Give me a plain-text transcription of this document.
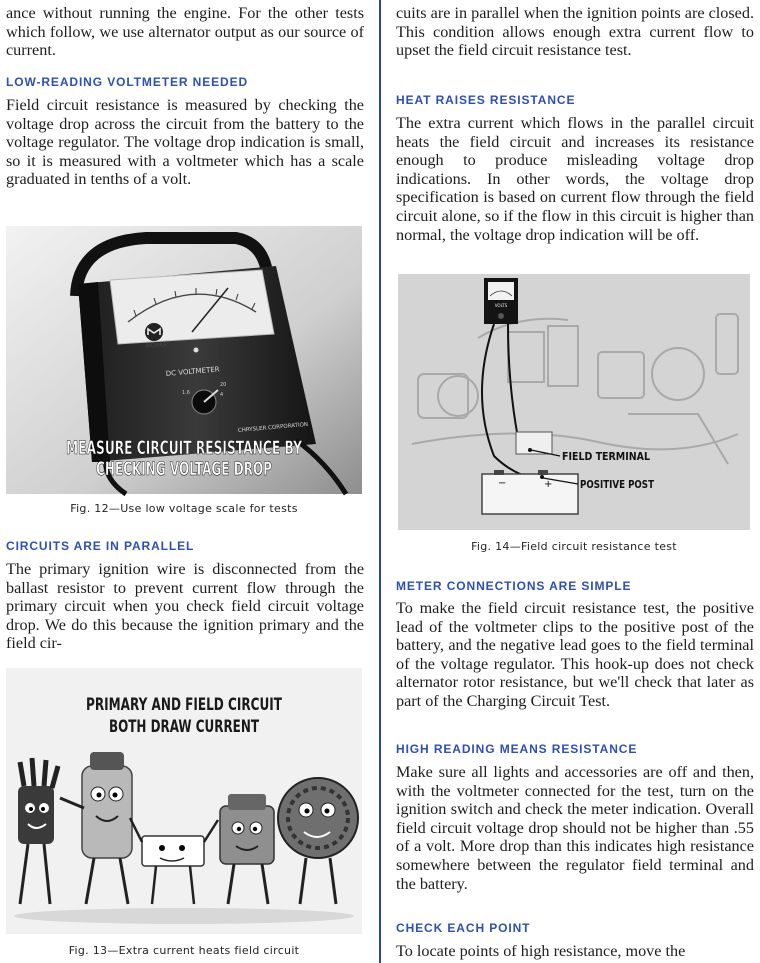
ance without running the engine. For the other tests which follow, we use alternator output as our source of current.

LOW-READING VOLTMETER NEEDED

Field circuit resistance is measured by checking the voltage drop across the circuit from the battery to the voltage regulator. The voltage drop indication is small, so it is measured with a voltmeter which has a scale graduated in tenths of a volt.

MOPAR
DC VOLTMETER
1.6
20
4
CHRYSLER CORPORATION
MEASURE CIRCUIT RESISTANCE BY
CHECKING VOLTAGE DROP
Fig. 12—Use low voltage scale for tests
CIRCUITS ARE IN PARALLEL

The primary ignition wire is disconnected from the ballast resistor to prevent current flow through the primary circuit when you check field circuit voltage drop. We do this because the ignition primary and the field cir-

PRIMARY AND FIELD CIRCUIT
BOTH DRAW CURRENT
Fig. 13—Extra current heats field circuit

cuits are in parallel when the ignition points are closed. This condition allows enough extra current flow to upset the field circuit resistance test.

HEAT RAISES RESISTANCE

The extra current which flows in the parallel circuit heats the field circuit and increases its resistance enough to produce misleading voltage drop indications. In other words, the voltage drop specification is based on current flow through the field circuit alone, so if the flow in this circuit is higher than normal, the voltage drop indication will be off.

VOLTS
−	+
FIELD TERMINAL
POSITIVE POST
Fig. 14—Field circuit resistance test
METER CONNECTIONS ARE SIMPLE

To make the field circuit resistance test, the positive lead of the voltmeter clips to the positive post of the battery, and the negative lead goes to the field terminal of the voltage regulator. This hook-up does not check alternator rotor resistance, but we'll check that later as part of the Charging Circuit Test.

HIGH READING MEANS RESISTANCE

Make sure all lights and accessories are off and then, with the voltmeter connected for the test, turn on the ignition switch and check the meter indication. Overall field circuit voltage drop should not be higher than .55 of a volt. More drop than this indicates high resistance somewhere between the regulator field terminal and the battery.

CHECK EACH POINT

To locate points of high resistance, move the
